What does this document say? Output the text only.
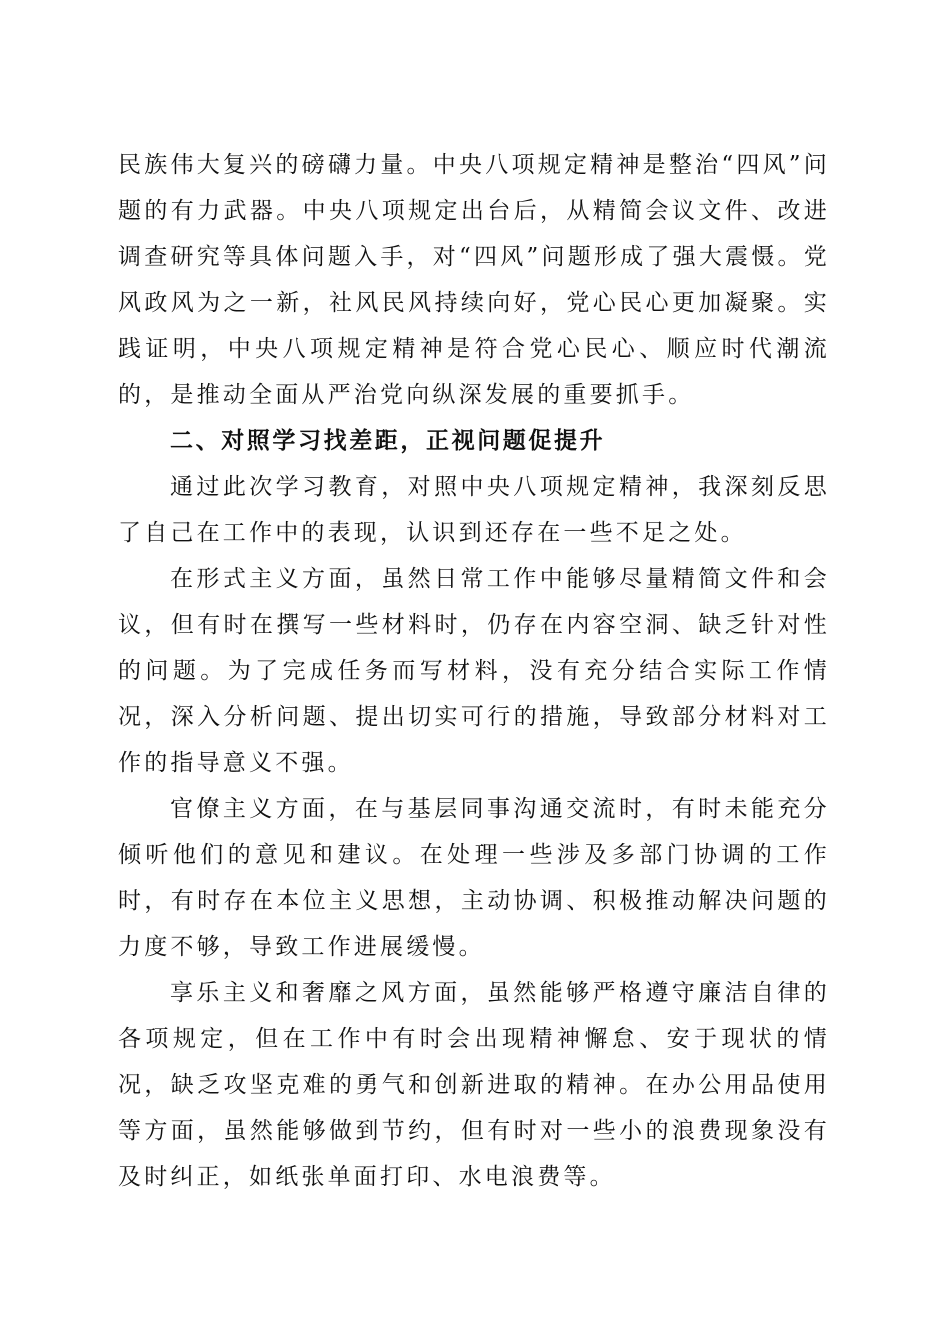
民族伟大复兴的磅礴力量。中央八项规定精神是整治“四风”问题的有力武器。中央八项规定出台后，从精简会议文件、改进调查研究等具体问题入手，对“四风”问题形成了强大震慑。党风政风为之一新，社风民风持续向好，党心民心更加凝聚。实践证明，中央八项规定精神是符合党心民心、顺应时代潮流的，是推动全面从严治党向纵深发展的重要抓手。

二、对照学习找差距，正视问题促提升

通过此次学习教育，对照中央八项规定精神，我深刻反思了自己在工作中的表现，认识到还存在一些不足之处。

在形式主义方面，虽然日常工作中能够尽量精简文件和会议，但有时在撰写一些材料时，仍存在内容空洞、缺乏针对性的问题。为了完成任务而写材料，没有充分结合实际工作情况，深入分析问题、提出切实可行的措施，导致部分材料对工作的指导意义不强。

官僚主义方面，在与基层同事沟通交流时，有时未能充分倾听他们的意见和建议。在处理一些涉及多部门协调的工作时，有时存在本位主义思想，主动协调、积极推动解决问题的力度不够，导致工作进展缓慢。

享乐主义和奢靡之风方面，虽然能够严格遵守廉洁自律的各项规定，但在工作中有时会出现精神懈怠、安于现状的情况，缺乏攻坚克难的勇气和创新进取的精神。在办公用品使用等方面，虽然能够做到节约，但有时对一些小的浪费现象没有及时纠正，如纸张单面打印、水电浪费等。
